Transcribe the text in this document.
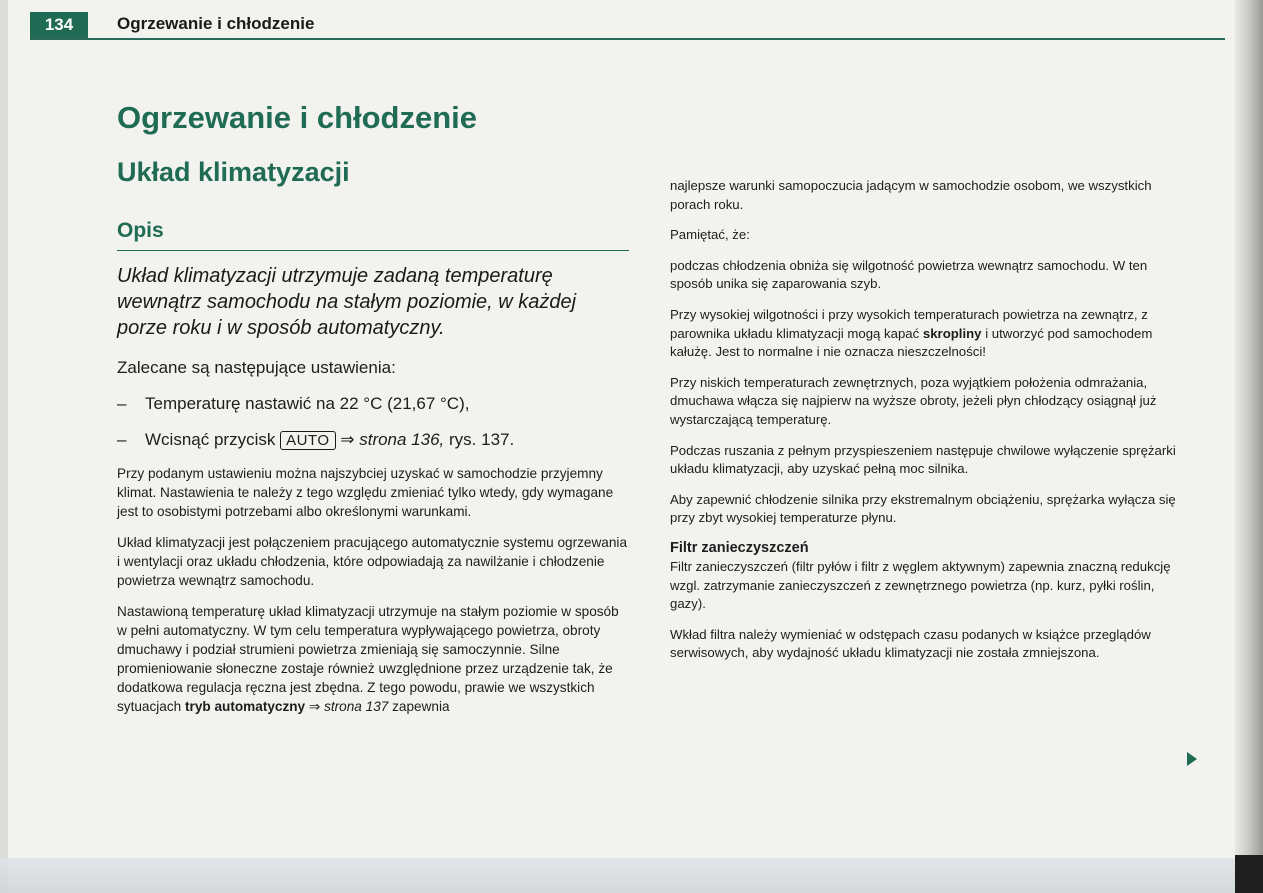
134	Ogrzewanie i chłodzenie
Ogrzewanie i chłodzenie
Układ klimatyzacji
Opis

Układ klimatyzacji utrzymuje zadaną temperaturę wewnątrz samochodu na stałym poziomie, w każdej porze roku i w sposób automatyczny.

Zalecane są następujące ustawienia:

–	Temperaturę nastawić na 22 °C (21,67 °C),
–	Wcisnąć przycisk AUTO ⇒ strona 136, rys. 137.

Przy podanym ustawieniu można najszybciej uzyskać w samochodzie przyjemny klimat. Nastawienia te należy z tego względu zmieniać tylko wtedy, gdy wymagane jest to osobistymi potrzebami albo określonymi warunkami.

Układ klimatyzacji jest połączeniem pracującego automatycznie systemu ogrzewania i wentylacji oraz układu chłodzenia, które odpowiadają za nawilżanie i chłodzenie powietrza wewnątrz samochodu.

Nastawioną temperaturę układ klimatyzacji utrzymuje na stałym poziomie w sposób w pełni automatyczny. W tym celu temperatura wypływającego powietrza, obroty dmuchawy i podział strumieni powietrza zmieniają się samoczynnie. Silne promieniowanie słoneczne zostaje również uwzględnione przez urządzenie tak, że dodatkowa regulacja ręczna jest zbędna. Z tego powodu, prawie we wszystkich sytuacjach tryb automatyczny ⇒ strona 137 zapewnia

najlepsze warunki samopoczucia jadącym w samochodzie osobom, we wszystkich porach roku.

Pamiętać, że:

podczas chłodzenia obniża się wilgotność powietrza wewnątrz samochodu. W ten sposób unika się zaparowania szyb.

Przy wysokiej wilgotności i przy wysokich temperaturach powietrza na zewnątrz, z parownika układu klimatyzacji mogą kapać skropliny i utworzyć pod samochodem kałużę. Jest to normalne i nie oznacza nieszczelności!

Przy niskich temperaturach zewnętrznych, poza wyjątkiem położenia odmrażania, dmuchawa włącza się najpierw na wyższe obroty, jeżeli płyn chłodzący osiągnął już wystarczającą temperaturę.

Podczas ruszania z pełnym przyspieszeniem następuje chwilowe wyłączenie sprężarki układu klimatyzacji, aby uzyskać pełną moc silnika.

Aby zapewnić chłodzenie silnika przy ekstremalnym obciążeniu, sprężarka wyłącza się przy zbyt wysokiej temperaturze płynu.

Filtr zanieczyszczeń

Filtr zanieczyszczeń (filtr pyłów i filtr z węglem aktywnym) zapewnia znaczną redukcję wzgl. zatrzymanie zanieczyszczeń z zewnętrznego powietrza (np. kurz, pyłki roślin, gazy).

Wkład filtra należy wymieniać w odstępach czasu podanych w książce przeglądów serwisowych, aby wydajność układu klimatyzacji nie została zmniejszona.
